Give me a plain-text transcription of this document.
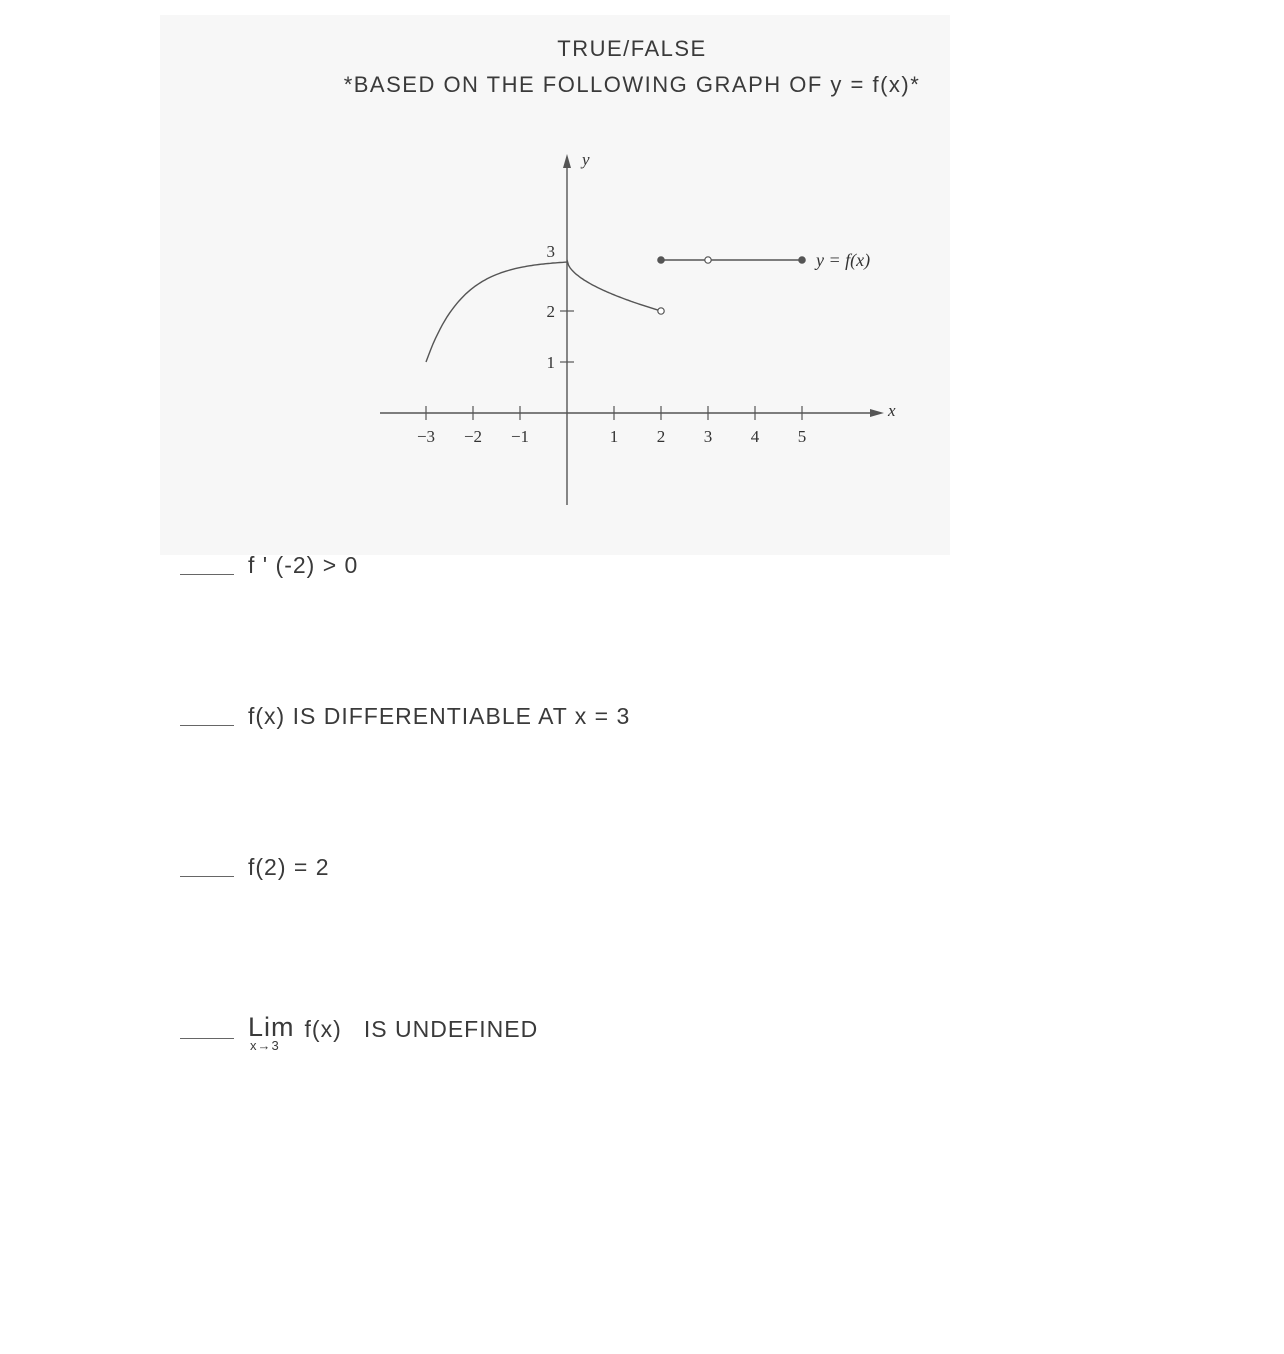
TRUE/FALSE
*BASED ON THE FOLLOWING GRAPH OF y = f(x)*
x
y
−3 −2 −1	1 2 3 4 5
1
2
3	y = f(x)
f ' (-2) > 0
f(x) IS DIFFERENTIABLE AT x = 3
f(2) = 2
Lim
x→3
f(x)   IS UNDEFINED
